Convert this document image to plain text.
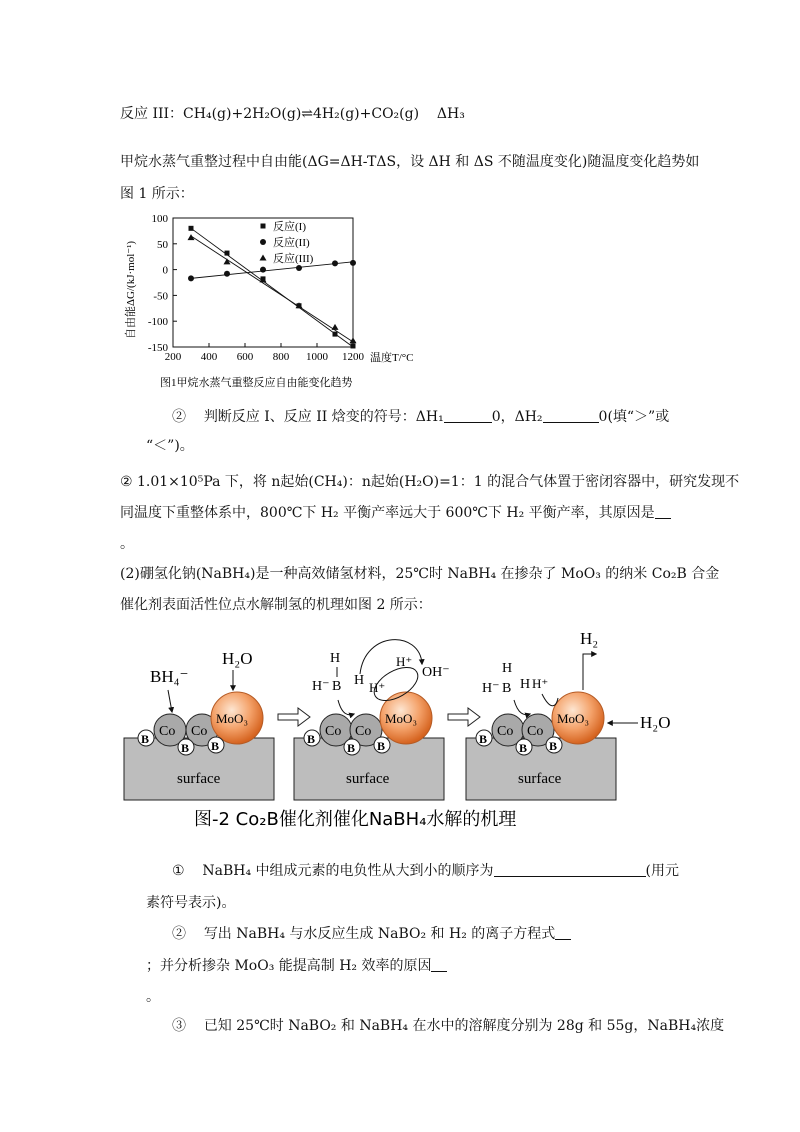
反应 III：CH₄(g)+2H₂O(g)⇌4H₂(g)+CO₂(g) ΔH₃
甲烷水蒸气重整过程中自由能(ΔG=ΔH-TΔS，设 ΔH 和 ΔS 不随温度变化)随温度变化趋势如
图 1 所示：
200 400 600 800 1000 1200
100
50
0
-50
-100
-150
反应(I)
反应(II)
反应(III)
自由能ΔG/(kJ·mol⁻¹)
温度T/°C
图1甲烷水蒸气重整反应自由能变化趋势
② 判断反应 I、反应 II 焓变的符号：ΔH₁	0，ΔH₂	0(填“＞”或
“＜”)。
② 1.01×10⁵Pa 下，将 n起始(CH₄)：n起始(H₂O)=1：1 的混合气体置于密闭容器中，研究发现不
同温度下重整体系中，800℃下 H₂ 平衡产率远大于 600℃下 H₂ 平衡产率，其原因是
。
(2)硼氢化钠(NaBH₄)是一种高效储氢材料，25℃时 NaBH₄ 在掺杂了 MoO₃ 的纳米 Co₂B 合金
催化剂表面活性位点水解制氢的机理如图 2 所示：
surface
Co Co
MoO₃
B
B B
BH₄⁻
H₂O
surface
Co Co
MoO₃
B
B B
H
H⁻ B H H⁺
H⁺
OH⁻
surface
Co Co
MoO₃
B
B B
H
H⁻ B H H⁺
H₂
H₂O
图-2 Co₂B催化剂催化NaBH₄水解的机理
① NaBH₄ 中组成元素的电负性从大到小的顺序为	(用元
素符号表示)。
② 写出 NaBH₄ 与水反应生成 NaBO₂ 和 H₂ 的离子方程式
；并分析掺杂 MoO₃ 能提高制 H₂ 效率的原因
。
③ 已知 25℃时 NaBO₂ 和 NaBH₄ 在水中的溶解度分别为 28g 和 55g，NaBH₄浓度
